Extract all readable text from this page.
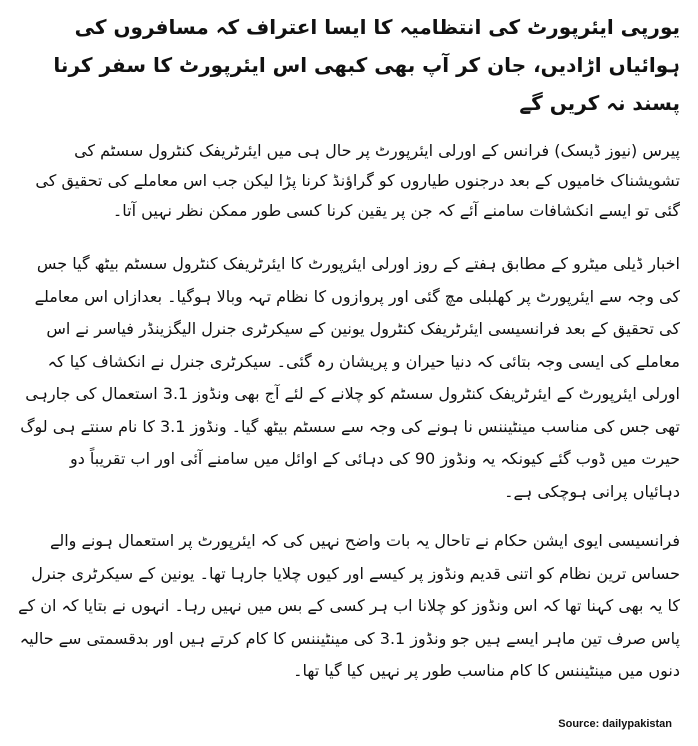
یورپی ایئرپورٹ کی انتظامیہ کا ایسا اعتراف کہ مسافروں کی ہوائیاں اڑادیں، جان کر آپ بھی کبھی اس ایئرپورٹ کا سفر کرنا پسند نہ کریں گے

پیرس (نیوز ڈیسک) فرانس کے اورلی ایئرپورٹ پر حال ہی میں ایئرٹریفک کنٹرول سسٹم کی تشویشناک خامیوں کے بعد درجنوں طیاروں کو گراﺅنڈ کرنا پڑا لیکن جب اس معاملے کی تحقیق کی گئی تو ایسے انکشافات سامنے آئے کہ جن پر یقین کرنا کسی طور ممکن نظر نہیں آتا۔

اخبار ڈیلی میٹرو کے مطابق ہفتے کے روز اورلی ایئرپورٹ کا ایئرٹریفک کنٹرول سسٹم بیٹھ گیا جس کی وجہ سے ایئرپورٹ پر کھلبلی مچ گئی اور پروازوں کا نظام تہہ وبالا ہوگیا۔ بعدازاں اس معاملے کی تحقیق کے بعد فرانسیسی ایئرٹریفک کنٹرول یونین کے سیکرٹری جنرل الیگزینڈر فیاسر نے اس معاملے کی ایسی وجہ بتائی کہ دنیا حیران و پریشان رہ گئی۔ سیکرٹری جنرل نے انکشاف کیا کہ اورلی ایئرپورٹ کے ایئرٹریفک کنٹرول سسٹم کو چلانے کے لئے آج بھی ونڈوز 3.1 استعمال کی جارہی تھی جس کی مناسب مینٹیننس نا ہونے کی وجہ سے سسٹم بیٹھ گیا۔ ونڈوز 3.1 کا نام سنتے ہی لوگ حیرت میں ڈوب گئے کیونکہ یہ ونڈوز 90 کی دہائی کے اوائل میں سامنے آئی اور اب تقریباً دو دہائیاں پرانی ہوچکی ہے۔

فرانسیسی ایوی ایشن حکام نے تاحال یہ بات واضح نہیں کی کہ ایئرپورٹ پر استعمال ہونے والے حساس ترین نظام کو اتنی قدیم ونڈوز پر کیسے اور کیوں چلایا جارہا تھا۔ یونین کے سیکرٹری جنرل کا یہ بھی کہنا تھا کہ اس ونڈوز کو چلانا اب ہر کسی کے بس میں نہیں رہا۔ انہوں نے بتایا کہ ان کے پاس صرف تین ماہر ایسے ہیں جو ونڈوز 3.1 کی مینٹیننس کا کام کرتے ہیں اور بدقسمتی سے حالیہ دنوں میں مینٹیننس کا کام مناسب طور پر نہیں کیا گیا تھا۔

Source: dailypakistan
